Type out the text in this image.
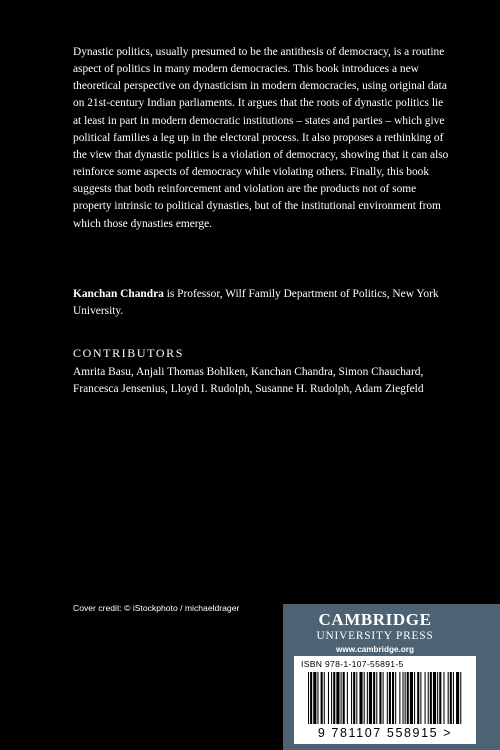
Dynastic politics, usually presumed to be the antithesis of democracy, is a routine aspect of politics in many modern democracies. This book introduces a new theoretical perspective on dynasticism in modern democracies, using original data on 21st-century Indian parliaments. It argues that the roots of dynastic politics lie at least in part in modern democratic institutions – states and parties – which give political families a leg up in the electoral process. It also proposes a rethinking of the view that dynastic politics is a violation of democracy, showing that it can also reinforce some aspects of democracy while violating others. Finally, this book suggests that both reinforcement and violation are the products not of some property intrinsic to political dynasties, but of the institutional environment from which those dynasties emerge.

Kanchan Chandra is Professor, Wilf Family Department of Politics, New York University.

CONTRIBUTORS

Amrita Basu, Anjali Thomas Bohlken, Kanchan Chandra, Simon Chauchard, Francesca Jensenius, Lloyd I. Rudolph, Susanne H. Rudolph, Adam Ziegfeld

Cover credit: © iStockphoto / michaeldrager
CAMBRIDGE
UNIVERSITY PRESS
www.cambridge.org
ISBN 978-1-107-55891-5
9 781107 558915 >
